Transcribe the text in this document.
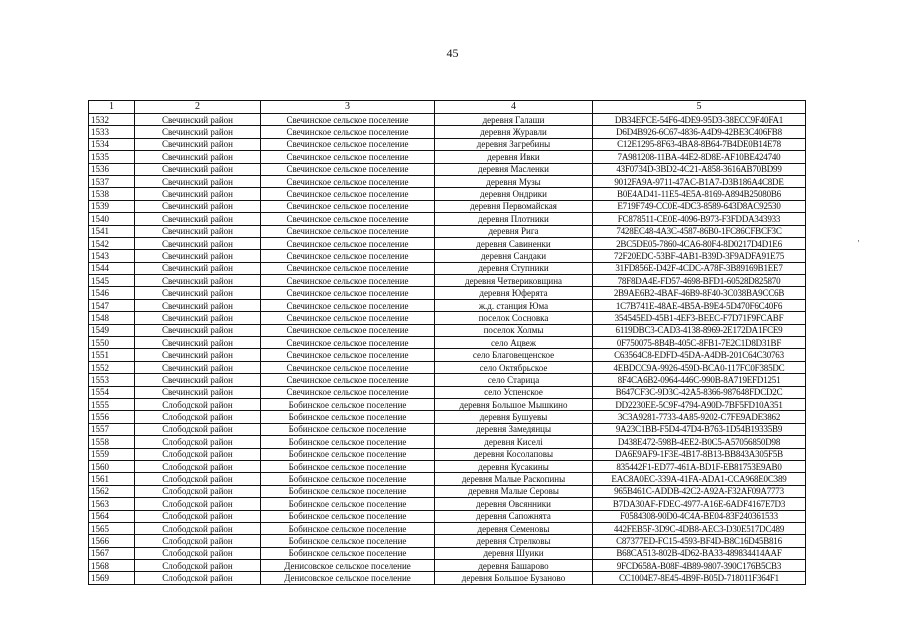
45
1	2	3	4	5
1532	Свечинский район	Свечинское сельское поселение	деревня Галаши	DB34EFCE-54F6-4DE9-95D3-38ECC9F40FA1
1533	Свечинский район	Свечинское сельское поселение	деревня Журавли	D6D4B926-6C67-4836-A4D9-42BE3C406FB8
1534	Свечинский район	Свечинское сельское поселение	деревня Загребины	C12E1295-8F63-4BA8-8B64-7B4DE0B14E78
1535	Свечинский район	Свечинское сельское поселение	деревня Ивки	7A981208-11BA-44E2-8D8E-AF10BE424740
1536	Свечинский район	Свечинское сельское поселение	деревня Масленки	43F0734D-3BD2-4C21-A858-3616AB70BD99
1537	Свечинский район	Свечинское сельское поселение	деревня Музы	9012FA9A-9711-47AC-B1A7-D3B186A4C8DE
1538	Свечинский район	Свечинское сельское поселение	деревня Ондрики	B0E4AD41-11E5-4E5A-8169-A894B25080B6
1539	Свечинский район	Свечинское сельское поселение	деревня Первомайская	E719F749-CC0E-4DC3-8589-643D8AC92530
1540	Свечинский район	Свечинское сельское поселение	деревня Плотники	FC878511-CE0E-4096-B973-F3FDDA343933
1541	Свечинский район	Свечинское сельское поселение	деревня Рига	7428EC48-4A3C-4587-86B0-1FC86CFBCF3C
1542	Свечинский район	Свечинское сельское поселение	деревня Савиненки	2BC5DE05-7860-4CA6-80F4-8D0217D4D1E6
1543	Свечинский район	Свечинское сельское поселение	деревня Сандаки	72F20EDC-53BF-4AB1-B39D-3F9ADFA91E75
1544	Свечинский район	Свечинское сельское поселение	деревня Ступники	31FD856E-D42F-4CDC-A78F-3B89169B1EE7
1545	Свечинский район	Свечинское сельское поселение	деревня Четвериковщина	78F8DA4E-FD57-4698-BFD1-60528D825870
1546	Свечинский район	Свечинское сельское поселение	деревня Юферята	2B9AE6B2-4BAF-46B9-8F40-3C038BA9CC6B
1547	Свечинский район	Свечинское сельское поселение	ж.д. станция Юма	1C7B741E-48AE-4B5A-B9E4-5D470F6C40F6
1548	Свечинский район	Свечинское сельское поселение	поселок Сосновка	354545ED-45B1-4EF3-BEEC-F7D71F9FCABF
1549	Свечинский район	Свечинское сельское поселение	поселок Холмы	6119DBC3-CAD3-4138-8969-2E172DA1FCE9
1550	Свечинский район	Свечинское сельское поселение	село Ацвеж	0F750075-8B4B-405C-8FB1-7E2C1D8D31BF
1551	Свечинский район	Свечинское сельское поселение	село Благовещенское	C63564C8-EDFD-45DA-A4DB-201C64C30763
1552	Свечинский район	Свечинское сельское поселение	село Октябрьское	4EBDCC9A-9926-459D-BCA0-117FC0F385DC
1553	Свечинский район	Свечинское сельское поселение	село Старица	8F4CA6B2-0964-446C-990B-8A719EFD1251
1554	Свечинский район	Свечинское сельское поселение	село Успенское	B647CF3C-9D3C-42A5-8366-987648FDCD2C
1555	Слободской район	Бобинское сельское поселение	деревня Большое Мышкино	DD2230EE-5C9F-4794-A90D-7BF5FD10A351
1556	Слободской район	Бобинское сельское поселение	деревня Бушуевы	3C3A9281-7733-4A85-9202-C7FE9ADE3862
1557	Слободской район	Бобинское сельское поселение	деревня Замедянцы	9A23C1BB-F5D4-47D4-B763-1D54B19335B9
1558	Слободской район	Бобинское сельское поселение	деревня Киселі	D438E472-598B-4EE2-B0C5-A57056850D98
1559	Слободской район	Бобинское сельское поселение	деревня Косолаповы	DA6E9AF9-1F3E-4B17-8B13-BB843A305F5B
1560	Слободской район	Бобинское сельское поселение	деревня Кусакины	835442F1-ED77-461A-BD1F-EB81753E9AB0
1561	Слободской район	Бобинское сельское поселение	деревня Малые Раскопины	EAC8A0EC-339A-41FA-ADA1-CCA968E0C389
1562	Слободской район	Бобинское сельское поселение	деревня Малые Серовы	965B461C-ADDB-42C2-A92A-F32AF09A7773
1563	Слободской район	Бобинское сельское поселение	деревня Овсянники	B7DA30AF-FDEC-4977-A16E-6ADF4167E7D3
1564	Слободской район	Бобинское сельское поселение	деревня Сапожнята	F0584308-90D0-4C4A-BE04-83F240361533
1565	Слободской район	Бобинское сельское поселение	деревня Семеновы	442FEB5F-3D9C-4DB8-AEC3-D30E517DC489
1566	Слободской район	Бобинское сельское поселение	деревня Стрелковы	C87377ED-FC15-4593-BF4D-B8C16D45B816
1567	Слободской район	Бобинское сельское поселение	деревня Шуики	B68CA513-802B-4D62-BA33-489834414AAF
1568	Слободской район	Денисовское сельское поселение	деревня Башарово	9FCD658A-B08F-4B89-9807-390C176B5CB3
1569	Слободской район	Денисовское сельское поселение	деревня Большое Бузаново	CC1004E7-8E45-4B9F-B05D-718011F364F1
·
